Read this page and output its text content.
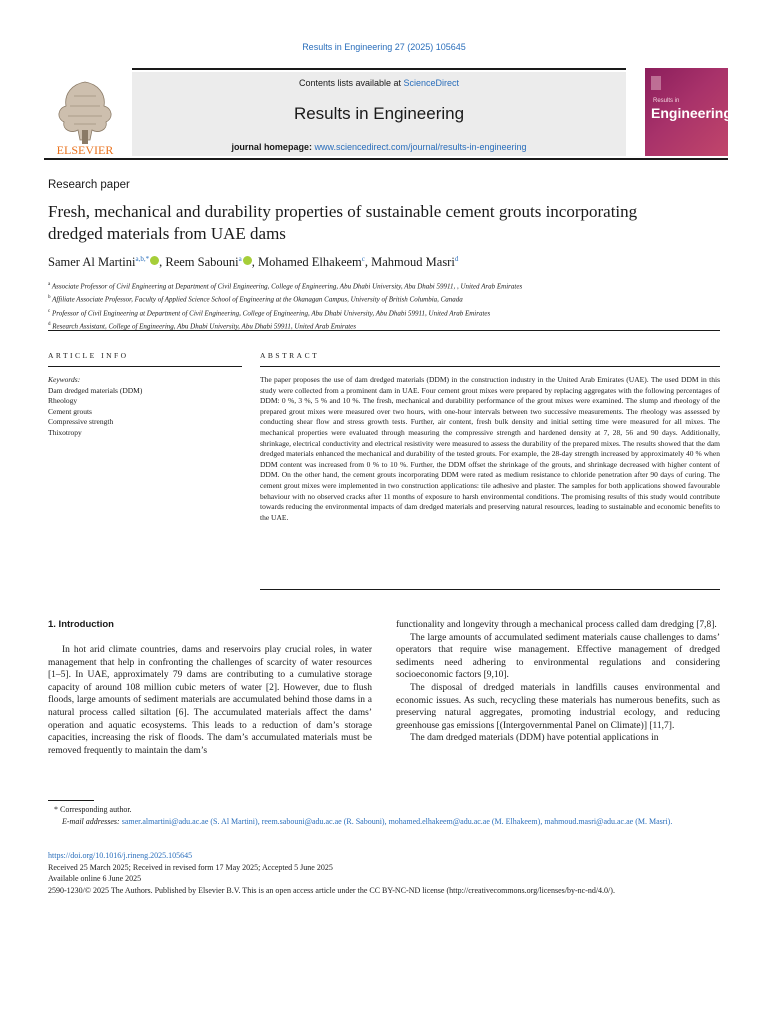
Results in Engineering 27 (2025) 105645
ELSEVIER
Contents lists available at ScienceDirect
Results in Engineering
journal homepage: www.sciencedirect.com/journal/results-in-engineering
Results in
Engineering
Research paper
Fresh, mechanical and durability properties of sustainable cement grouts incorporating dredged materials from UAE dams
Samer Al Martini$^{a,b,*}$ , Reem Sabouni$^a$ , Mohamed Elhakeem$^c$, Mahmoud Masri$^d$
$^a$ Associate Professor of Civil Engineering at Department of Civil Engineering, College of Engineering, Abu Dhabi University, Abu Dhabi 59911, , United Arab Emirates
$^b$ Affiliate Associate Professor, Faculty of Applied Science School of Engineering at the Okanagan Campus, University of British Columbia, Canada
$^c$ Professor of Civil Engineering at Department of Civil Engineering, College of Engineering, Abu Dhabi University, Abu Dhabi 59911, United Arab Emirates
$^d$ Research Assistant, College of Engineering, Abu Dhabi University, Abu Dhabi 59911, United Arab Emirates
ARTICLE INFO	ABSTRACT
Keywords:
Dam dredged materials (DDM)
Rheology
Cement grouts
Compressive strength
Thixotropy
The paper proposes the use of dam dredged materials (DDM) in the construction industry in the United Arab Emirates (UAE). The used DDM in this study were collected from a prominent dam in UAE. Four cement grout mixes were prepared by replacing aggregates with the following percentages of DDM: 0 %, 3 %, 5 % and 10 %. The fresh, mechanical and durability performance of the grout mixes were examined. The slump and rheology of the prepared grout mixes were measured over two hours, with one-hour intervals between two successive measurements. The rheology was assessed by conducting shear flow and stress growth tests. Further, air content, fresh bulk density and initial setting time were measured for all mixes. The mechanical properties were evaluated through measuring the compressive strength and hardened density at 7, 28, 56 and 90 days. Additionally, shrinkage, electrical conductivity and electrical resistivity were measured to assess the durability of the prepared mixes. The results showed that the dam dredged materials enhanced the mechanical and durability of the tested grouts. For example, the 28-day strength increased by approximately 40 % when DDM content was increased from 0 % to 10 %. Further, the DDM offset the shrinkage of the grouts, and shrinkage decreased with higher content of DDM. On the other hand, the cement grouts incorporating DDM were rated as medium resistance to chloride penetration after 90 days of curing. The cement grout mixes were implemented in two construction applications: tile adhesive and plaster. The samples for both applications showed favourable behaviour with no observed cracks after 11 months of exposure to harsh environmental conditions. The promising results of this study would contribute towards reducing the environmental impacts of dam dredged materials and preserving natural resources, leading to sustainable and economic benefits to the UAE.
1. Introduction

In hot arid climate countries, dams and reservoirs play crucial roles, in water management that help in confronting the challenges of scarcity of water resources [1–5]. In UAE, approximately 79 dams are contributing to a cumulative storage capacity of around 108 million cubic meters of water [2]. However, due to flush floods, large amounts of sediment materials are accumulated behind those dams in a natural process called siltation [6]. The accumulated materials affect the dams’ operation and aquatic ecosystems. This leads to a reduction of dam’s storage capacities, increasing the risk of floods. The dam’s accumulated materials must be removed frequently to maintain the dam’s

functionality and longevity through a mechanical process called dam dredging [7,8].

The large amounts of accumulated sediment materials cause challenges to dams’ operators that require wise management. Effective management of dredged sediments need adhering to environmental regulations and considering socioeconomic factors [9,10].

The disposal of dredged materials in landfills causes environmental and economic issues. As such, recycling these materials has numerous benefits, such as preserving natural aggregates, promoting industrial ecology, and reducing greenhouse gas emissions [(Intergovernmental Panel on Climate)] [11,7].

The dam dredged materials (DDM) have potential applications in

* Corresponding author.
E-mail addresses: samer.almartini@adu.ac.ae (S. Al Martini), reem.sabouni@adu.ac.ae (R. Sabouni), mohamed.elhakeem@adu.ac.ae (M. Elhakeem), mahmoud.masri@adu.ac.ae (M. Masri).
https://doi.org/10.1016/j.rineng.2025.105645
Received 25 March 2025; Received in revised form 17 May 2025; Accepted 5 June 2025
Available online 6 June 2025
2590-1230/© 2025 The Authors. Published by Elsevier B.V. This is an open access article under the CC BY-NC-ND license (http://creativecommons.org/licenses/by-nc-nd/4.0/).
